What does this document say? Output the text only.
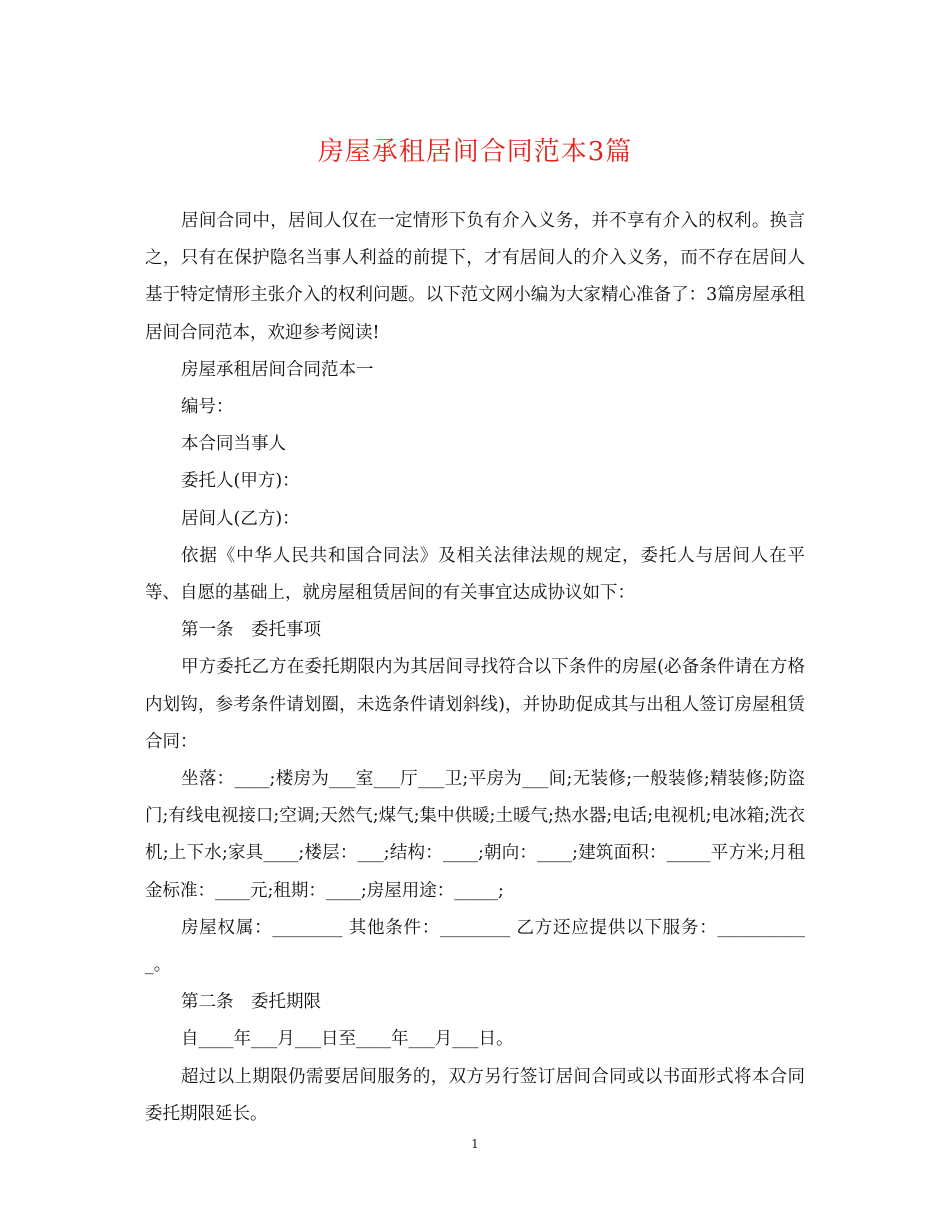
房屋承租居间合同范本3篇

居间合同中，居间人仅在一定情形下负有介入义务，并不享有介入的权利。换言之，只有在保护隐名当事人利益的前提下，才有居间人的介入义务，而不存在居间人基于特定情形主张介入的权利问题。以下范文网小编为大家精心准备了：3篇房屋承租居间合同范本，欢迎参考阅读!

房屋承租居间合同范本一

编号：

本合同当事人

委托人(甲方)：

居间人(乙方)：

依据《中华人民共和国合同法》及相关法律法规的规定，委托人与居间人在平等、自愿的基础上，就房屋租赁居间的有关事宜达成协议如下：

第一条　委托事项

甲方委托乙方在委托期限内为其居间寻找符合以下条件的房屋(必备条件请在方格内划钩，参考条件请划圈，未选条件请划斜线)，并协助促成其与出租人签订房屋租赁合同：

坐落：____;楼房为___室___厅___卫;平房为___间;无装修;一般装修;精装修;防盗门;有线电视接口;空调;天然气;煤气;集中供暖;土暖气;热水器;电话;电视机;电冰箱;洗衣机;上下水;家具____;楼层：___;结构：____;朝向：____;建筑面积：_____平方米;月租金标准：____元;租期：____;房屋用途：_____;

房屋权属：________ 其他条件：________ 乙方还应提供以下服务：___________。

第二条　委托期限

自____年___月___日至____年___月___日。

超过以上期限仍需要居间服务的，双方另行签订居间合同或以书面形式将本合同委托期限延长。

1
